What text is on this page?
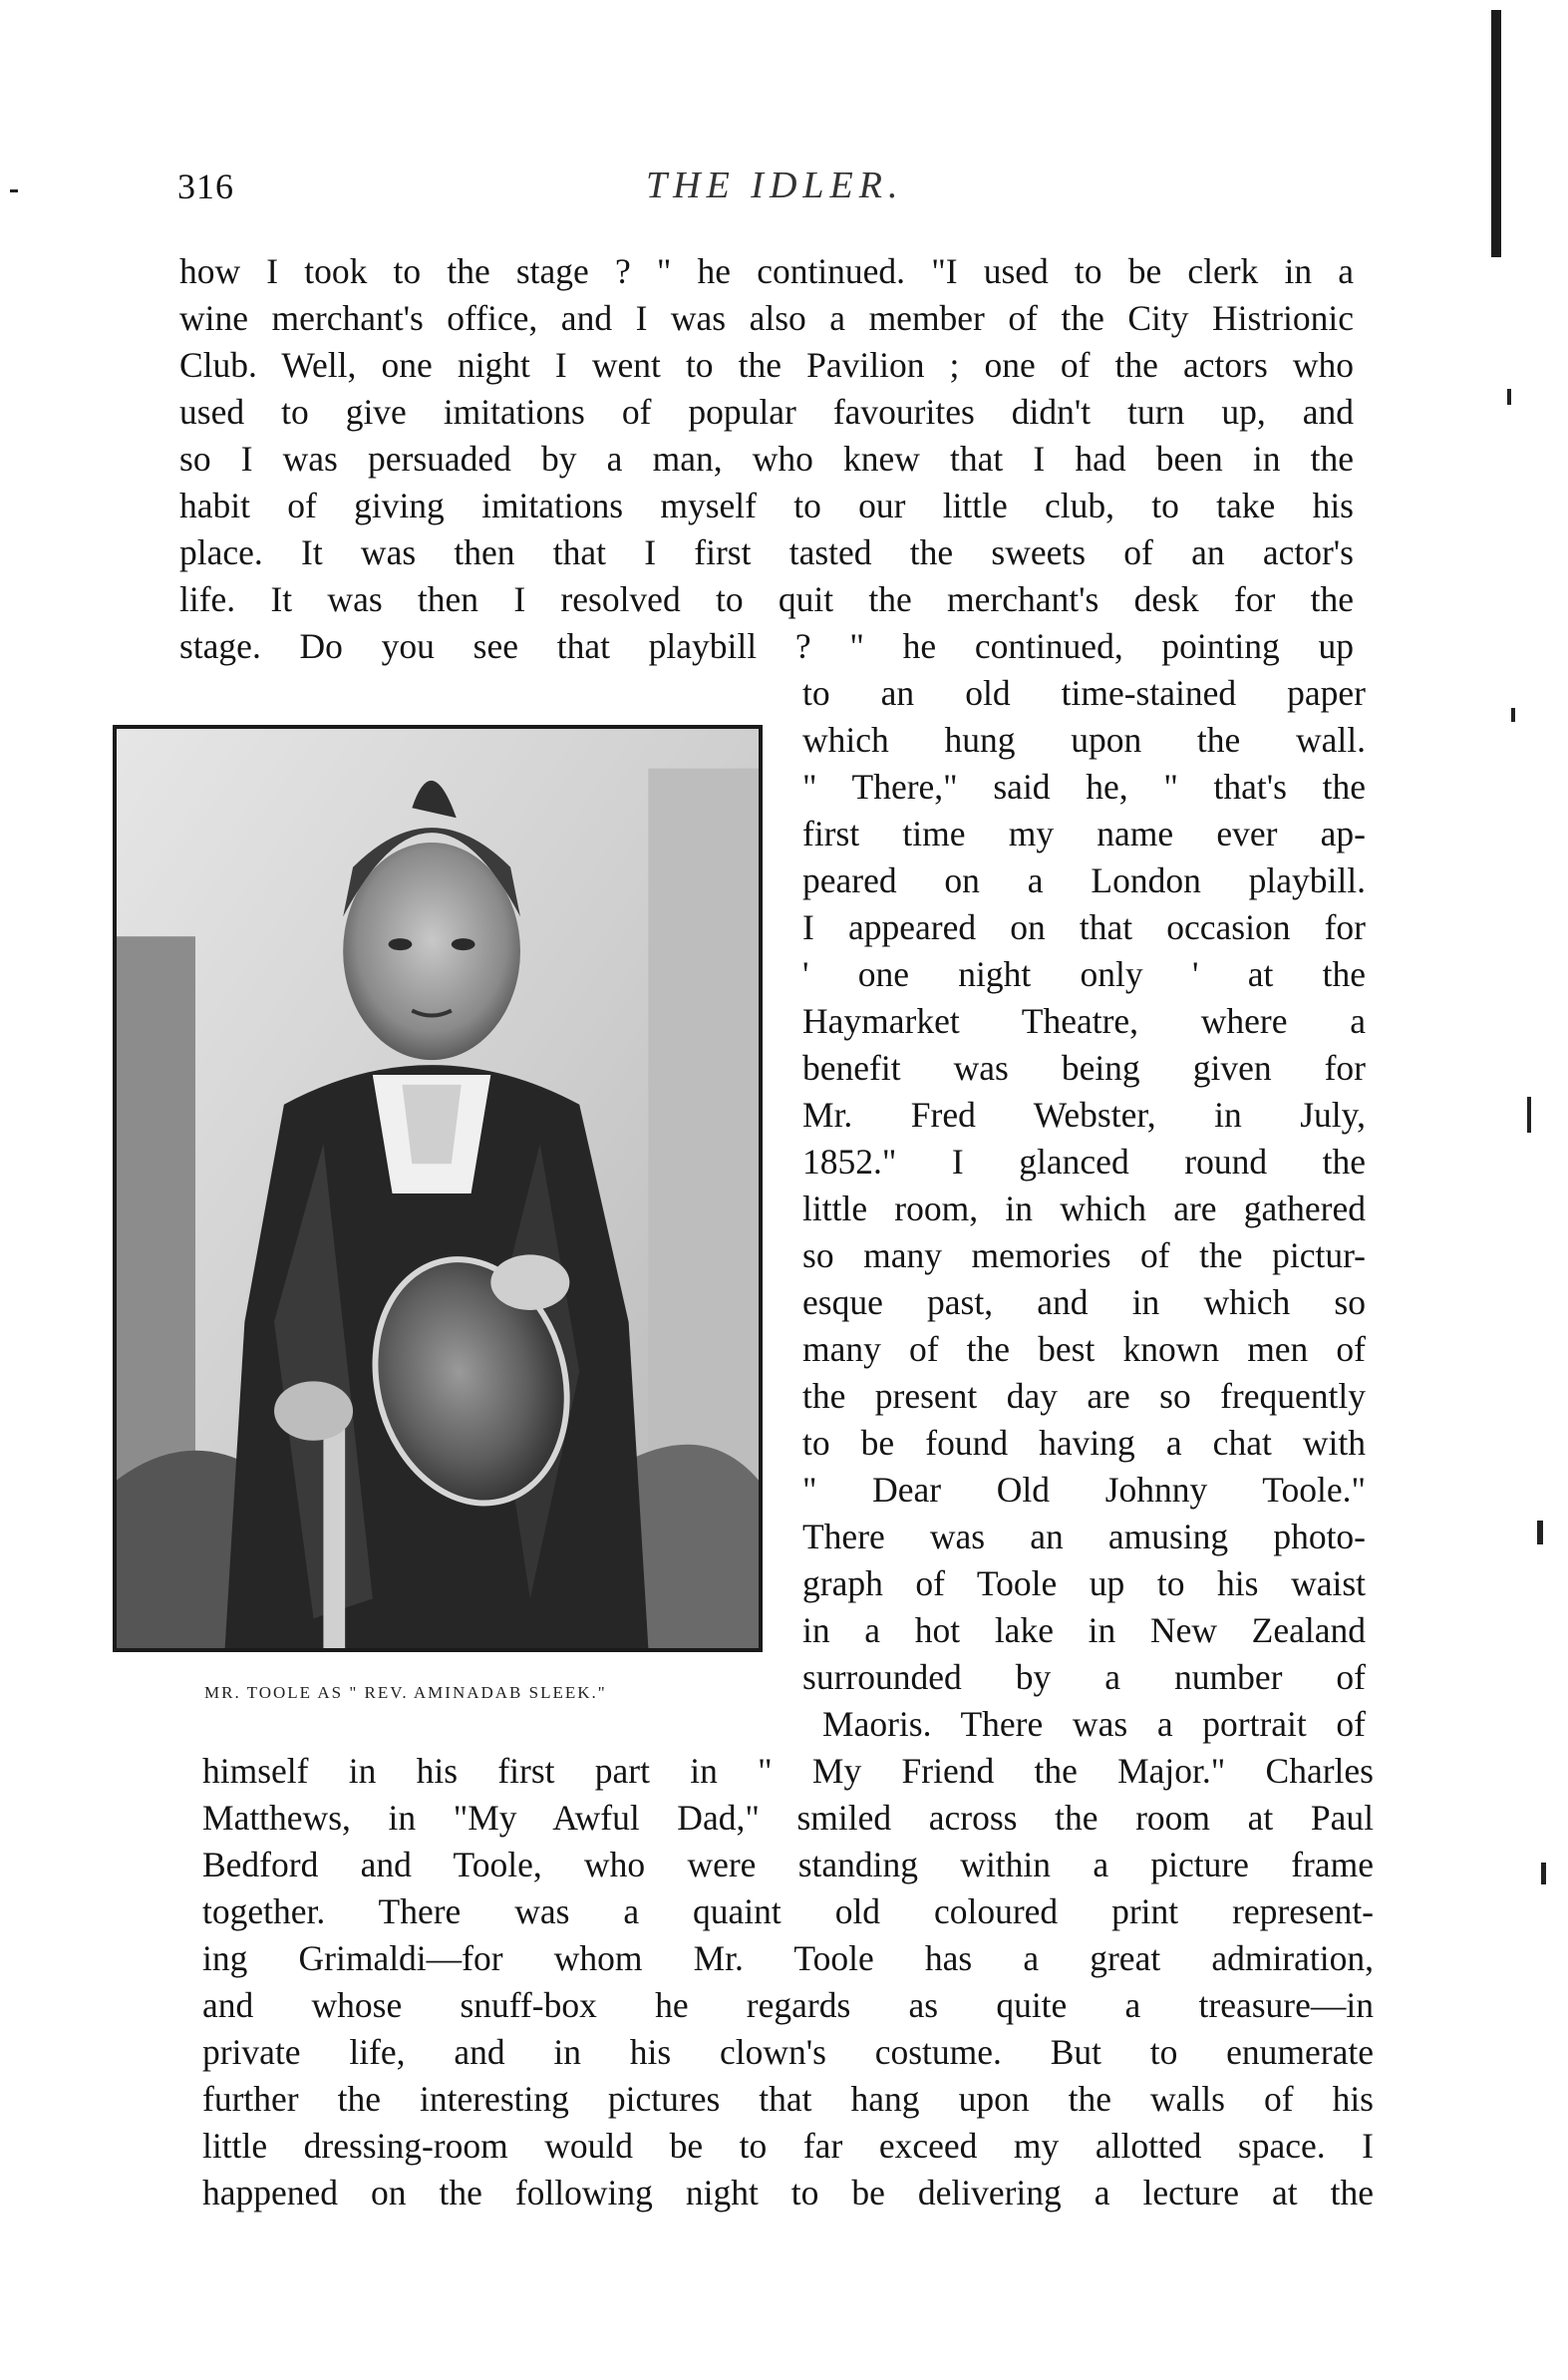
316	THE IDLER.
how I took to the stage ? " he continued. "I used to be clerk in a
wine merchant's office, and I was also a member of the City Histrionic
Club. Well, one night I went to the Pavilion ; one of the actors who
used to give imitations of popular favourites didn't turn up, and
so I was persuaded by a man, who knew that I had been in the
habit of giving imitations myself to our little club, to take his
place. It was then that I first tasted the sweets of an actor's
life. It was then I resolved to quit the merchant's desk for the
stage. Do you see that playbill ? " he continued, pointing up
to an old time-stained paper
which hung upon the wall.
" There," said he, " that's the
first time my name ever ap-
peared on a London playbill.
I appeared on that occasion for
' one night only ' at the
Haymarket Theatre, where a
benefit was being given for
Mr. Fred Webster, in July,
1852." I glanced round the
little room, in which are gathered
so many memories of the pictur-
esque past, and in which so
many of the best known men of
the present day are so frequently
to be found having a chat with
" Dear Old Johnny Toole."
There was an amusing photo-
graph of Toole up to his waist
in a hot lake in New Zealand
surrounded by a number of
Maoris. There was a portrait of
MR. TOOLE AS " REV. AMINADAB SLEEK."
himself in his first part in " My Friend the Major." Charles
Matthews, in "My Awful Dad," smiled across the room at Paul
Bedford and Toole, who were standing within a picture frame
together. There was a quaint old coloured print represent-
ing Grimaldi—for whom Mr. Toole has a great admiration,
and whose snuff-box he regards as quite a treasure—in
private life, and in his clown's costume. But to enumerate
further the interesting pictures that hang upon the walls of his
little dressing-room would be to far exceed my allotted space. I
happened on the following night to be delivering a lecture at the
